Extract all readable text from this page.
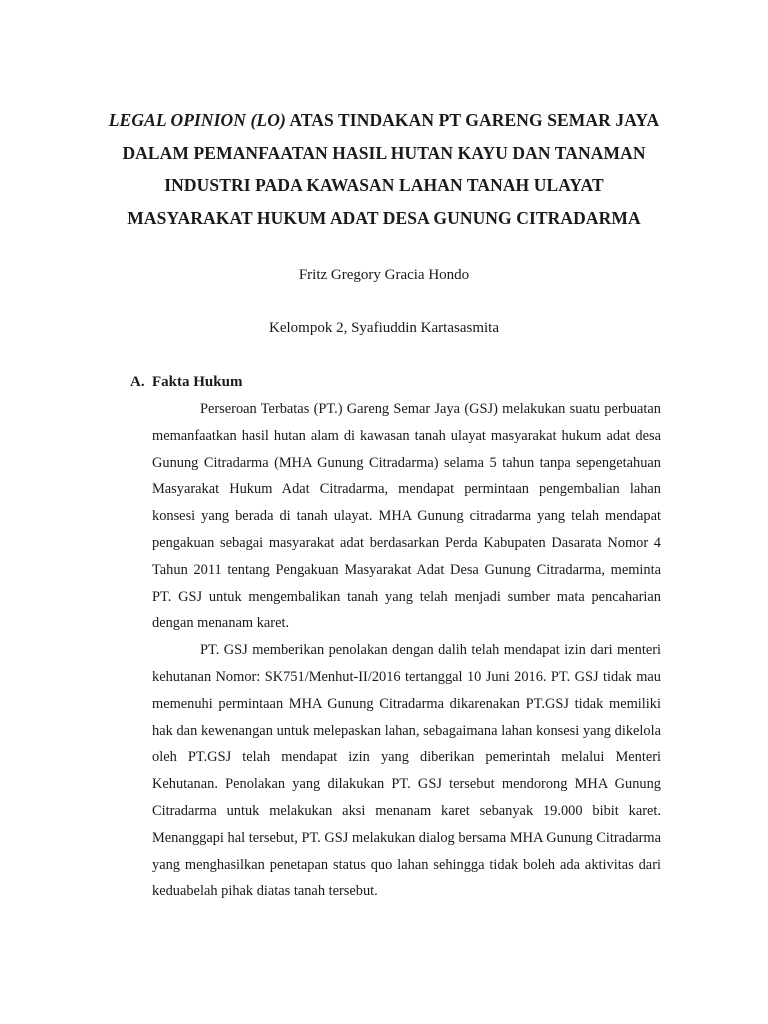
LEGAL OPINION (LO) ATAS TINDAKAN PT GARENG SEMAR JAYA DALAM PEMANFAATAN HASIL HUTAN KAYU DAN TANAMAN INDUSTRI PADA KAWASAN LAHAN TANAH ULAYAT MASYARAKAT HUKUM ADAT DESA GUNUNG CITRADARMA

Fritz Gregory Gracia Hondo

Kelompok 2, Syafiuddin Kartasasmita

A. Fakta Hukum

Perseroan Terbatas (PT.) Gareng Semar Jaya (GSJ) melakukan suatu perbuatan memanfaatkan hasil hutan alam di kawasan tanah ulayat masyarakat hukum adat desa Gunung Citradarma (MHA Gunung Citradarma) selama 5 tahun tanpa sepengetahuan Masyarakat Hukum Adat Citradarma, mendapat permintaan pengembalian lahan konsesi yang berada di tanah ulayat. MHA Gunung citradarma yang telah mendapat pengakuan sebagai masyarakat adat berdasarkan Perda Kabupaten Dasarata Nomor 4 Tahun 2011 tentang Pengakuan Masyarakat Adat Desa Gunung Citradarma, meminta PT. GSJ untuk mengembalikan tanah yang telah menjadi sumber mata pencaharian dengan menanam karet.

PT. GSJ memberikan penolakan dengan dalih telah mendapat izin dari menteri kehutanan Nomor: SK751/Menhut-II/2016 tertanggal 10 Juni 2016. PT. GSJ tidak mau memenuhi permintaan MHA Gunung Citradarma dikarenakan PT.GSJ tidak memiliki hak dan kewenangan untuk melepaskan lahan, sebagaimana lahan konsesi yang dikelola oleh PT.GSJ telah mendapat izin yang diberikan pemerintah melalui Menteri Kehutanan. Penolakan yang dilakukan PT. GSJ tersebut mendorong MHA Gunung Citradarma untuk melakukan aksi menanam karet sebanyak 19.000 bibit karet. Menanggapi hal tersebut, PT. GSJ melakukan dialog bersama MHA Gunung Citradarma yang menghasilkan penetapan status quo lahan sehingga tidak boleh ada aktivitas dari keduabelah pihak diatas tanah tersebut.
